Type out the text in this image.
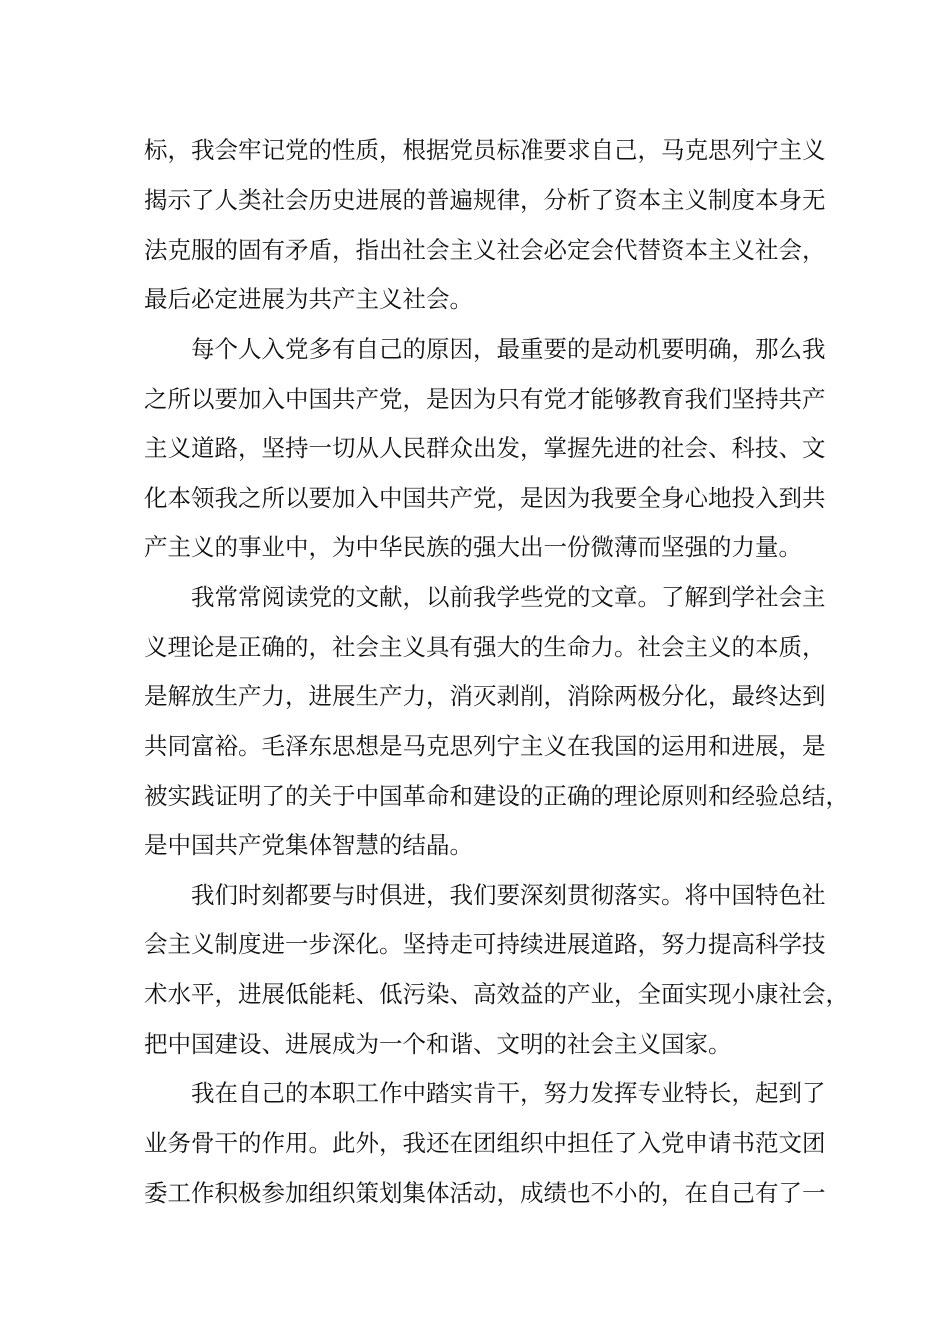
标，我会牢记党的性质，根据党员标准要求自己，马克思列宁主义
揭示了人类社会历史进展的普遍规律，分析了资本主义制度本身无
法克服的固有矛盾，指出社会主义社会必定会代替资本主义社会，
最后必定进展为共产主义社会。
每个人入党多有自己的原因，最重要的是动机要明确，那么我
之所以要加入中国共产党，是因为只有党才能够教育我们坚持共产
主义道路，坚持一切从人民群众出发，掌握先进的社会、科技、文
化本领我之所以要加入中国共产党，是因为我要全身心地投入到共
产主义的事业中，为中华民族的强大出一份微薄而坚强的力量。
我常常阅读党的文献，以前我学些党的文章。了解到学社会主
义理论是正确的，社会主义具有强大的生命力。社会主义的本质，
是解放生产力，进展生产力，消灭剥削，消除两极分化，最终达到
共同富裕。毛泽东思想是马克思列宁主义在我国的运用和进展，是
被实践证明了的关于中国革命和建设的正确的理论原则和经验总结，
是中国共产党集体智慧的结晶。
我们时刻都要与时俱进，我们要深刻贯彻落实。将中国特色社
会主义制度进一步深化。坚持走可持续进展道路，努力提高科学技
术水平，进展低能耗、低污染、高效益的产业，全面实现小康社会，
把中国建设、进展成为一个和谐、文明的社会主义国家。
我在自己的本职工作中踏实肯干，努力发挥专业特长，起到了
业务骨干的作用。此外，我还在团组织中担任了入党申请书范文团
委工作积极参加组织策划集体活动，成绩也不小的，在自己有了一
